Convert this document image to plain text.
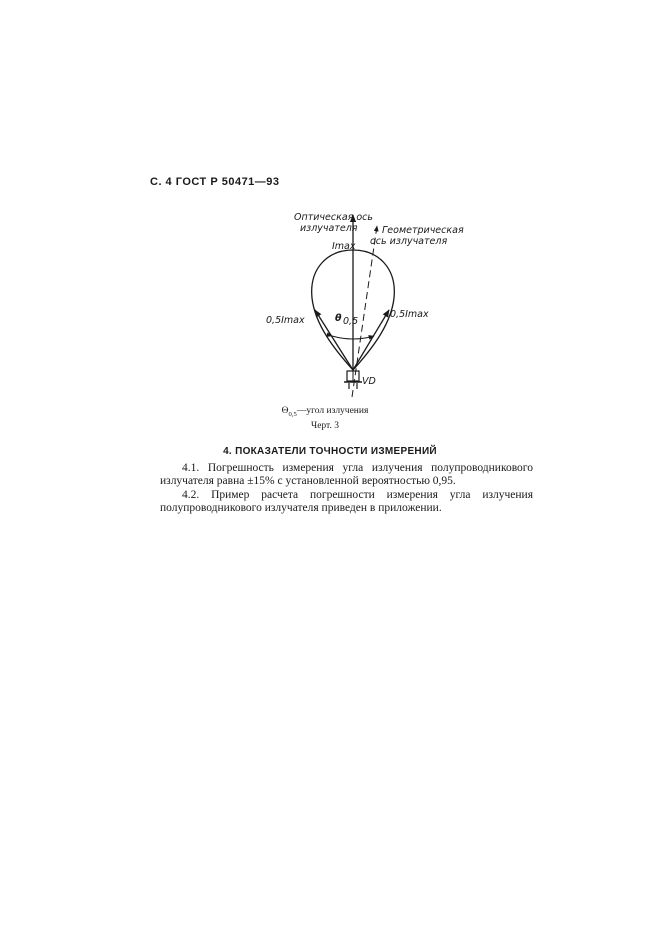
С. 4 ГОСТ Р 50471—93
Оптическая ось
излучателя	Геометрическая
ось излучателя
Imax
0,5Imax
0,5Imax
θ 0,5
VD
$\Theta_{0,5}—угол$ излучения
Черт. 3
4. ПОКАЗАТЕЛИ ТОЧНОСТИ ИЗМЕРЕНИЙ

4.1. Погрешность измерения угла излучения полупроводникового излучателя равна ±15% с установленной вероятностью 0,95.

4.2. Пример расчета погрешности измерения угла излучения полупроводникового излучателя приведен в приложении.
